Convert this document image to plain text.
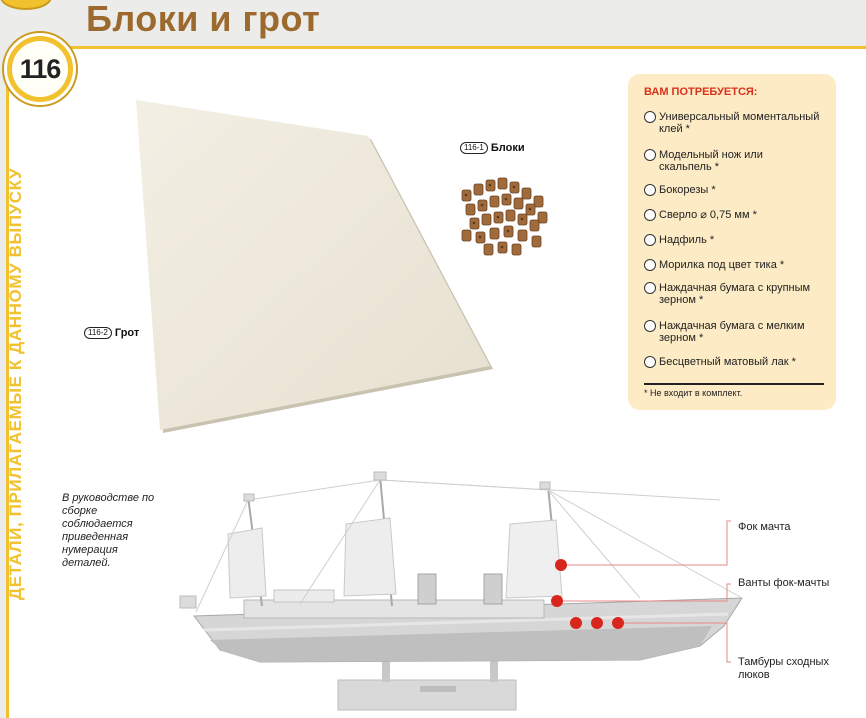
Блоки и грот
116
ДЕТАЛИ, ПРИЛАГАЕМЫЕ К ДАННОМУ ВЫПУСКУ
116-1 Блоки
116-2 Грот
ВАМ ПОТРЕБУЕТСЯ:
Универсальный моментальный клей *
Модельный нож или скальпель *
Бокорезы *
Сверло ⌀ 0,75 мм *
Надфиль *
Морилка под цвет тика *
Наждачная бумага с крупным зерном *
Наждачная бумага с мелким зерном *
Бесцветный матовый лак *
* Не входит в комплект.
В руководстве по сборке соблюдается приведенная нумерация деталей.
Фок мачта
Ванты фок-мачты
Тамбуры сходных люков
